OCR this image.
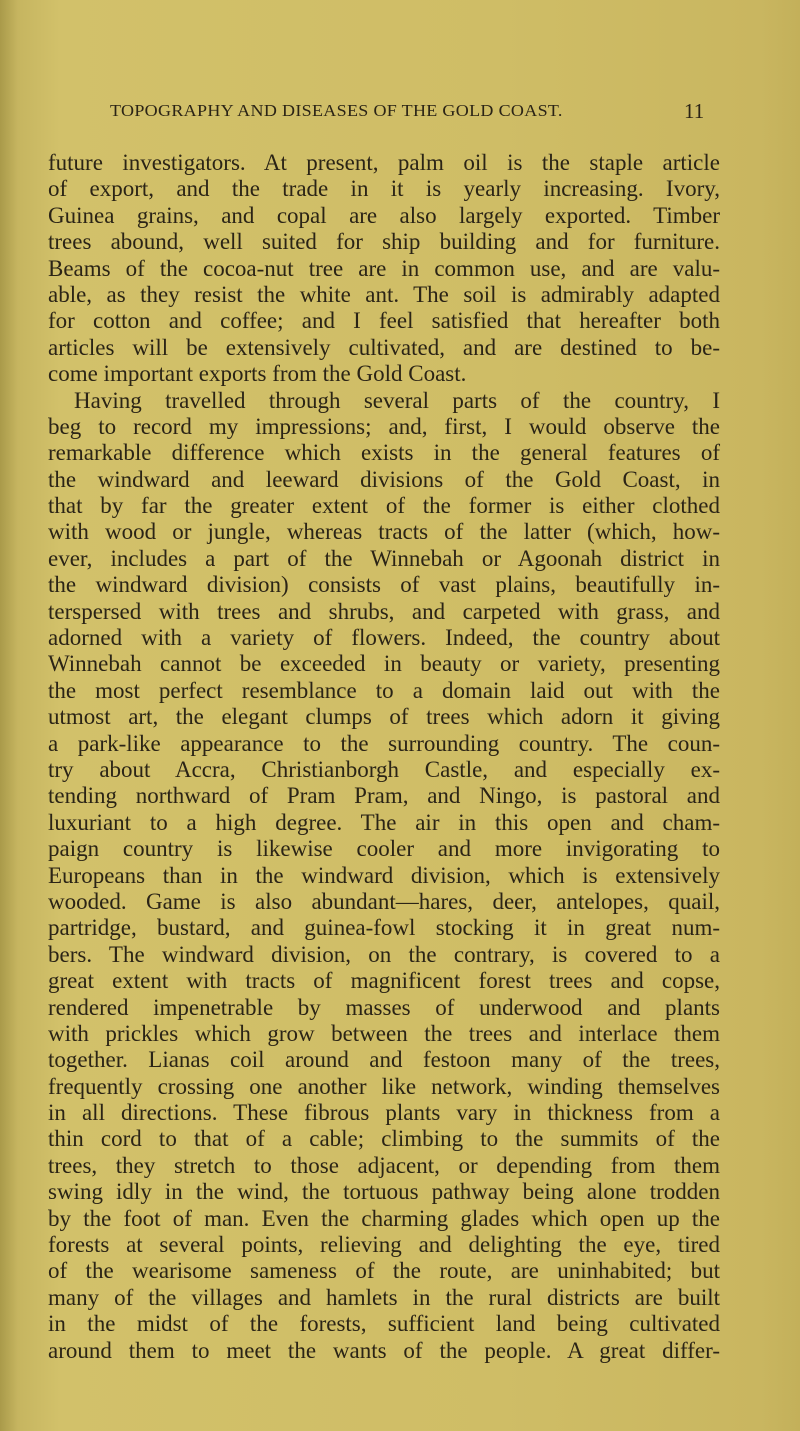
TOPOGRAPHY AND DISEASES OF THE GOLD COAST.	11
future investigators. At present, palm oil is the staple article
of export, and the trade in it is yearly increasing. Ivory,
Guinea grains, and copal are also largely exported. Timber
trees abound, well suited for ship building and for furniture.
Beams of the cocoa-nut tree are in common use, and are valu-
able, as they resist the white ant. The soil is admirably adapted
for cotton and coffee; and I feel satisfied that hereafter both
articles will be extensively cultivated, and are destined to be-
come important exports from the Gold Coast.
Having travelled through several parts of the country, I
beg to record my impressions; and, first, I would observe the
remarkable difference which exists in the general features of
the windward and leeward divisions of the Gold Coast, in
that by far the greater extent of the former is either clothed
with wood or jungle, whereas tracts of the latter (which, how-
ever, includes a part of the Winnebah or Agoonah district in
the windward division) consists of vast plains, beautifully in-
terspersed with trees and shrubs, and carpeted with grass, and
adorned with a variety of flowers. Indeed, the country about
Winnebah cannot be exceeded in beauty or variety, presenting
the most perfect resemblance to a domain laid out with the
utmost art, the elegant clumps of trees which adorn it giving
a park-like appearance to the surrounding country. The coun-
try about Accra, Christianborgh Castle, and especially ex-
tending northward of Pram Pram, and Ningo, is pastoral and
luxuriant to a high degree. The air in this open and cham-
paign country is likewise cooler and more invigorating to
Europeans than in the windward division, which is extensively
wooded. Game is also abundant—hares, deer, antelopes, quail,
partridge, bustard, and guinea-fowl stocking it in great num-
bers. The windward division, on the contrary, is covered to a
great extent with tracts of magnificent forest trees and copse,
rendered impenetrable by masses of underwood and plants
with prickles which grow between the trees and interlace them
together. Lianas coil around and festoon many of the trees,
frequently crossing one another like network, winding themselves
in all directions. These fibrous plants vary in thickness from a
thin cord to that of a cable; climbing to the summits of the
trees, they stretch to those adjacent, or depending from them
swing idly in the wind, the tortuous pathway being alone trodden
by the foot of man. Even the charming glades which open up the
forests at several points, relieving and delighting the eye, tired
of the wearisome sameness of the route, are uninhabited; but
many of the villages and hamlets in the rural districts are built
in the midst of the forests, sufficient land being cultivated
around them to meet the wants of the people. A great differ-
